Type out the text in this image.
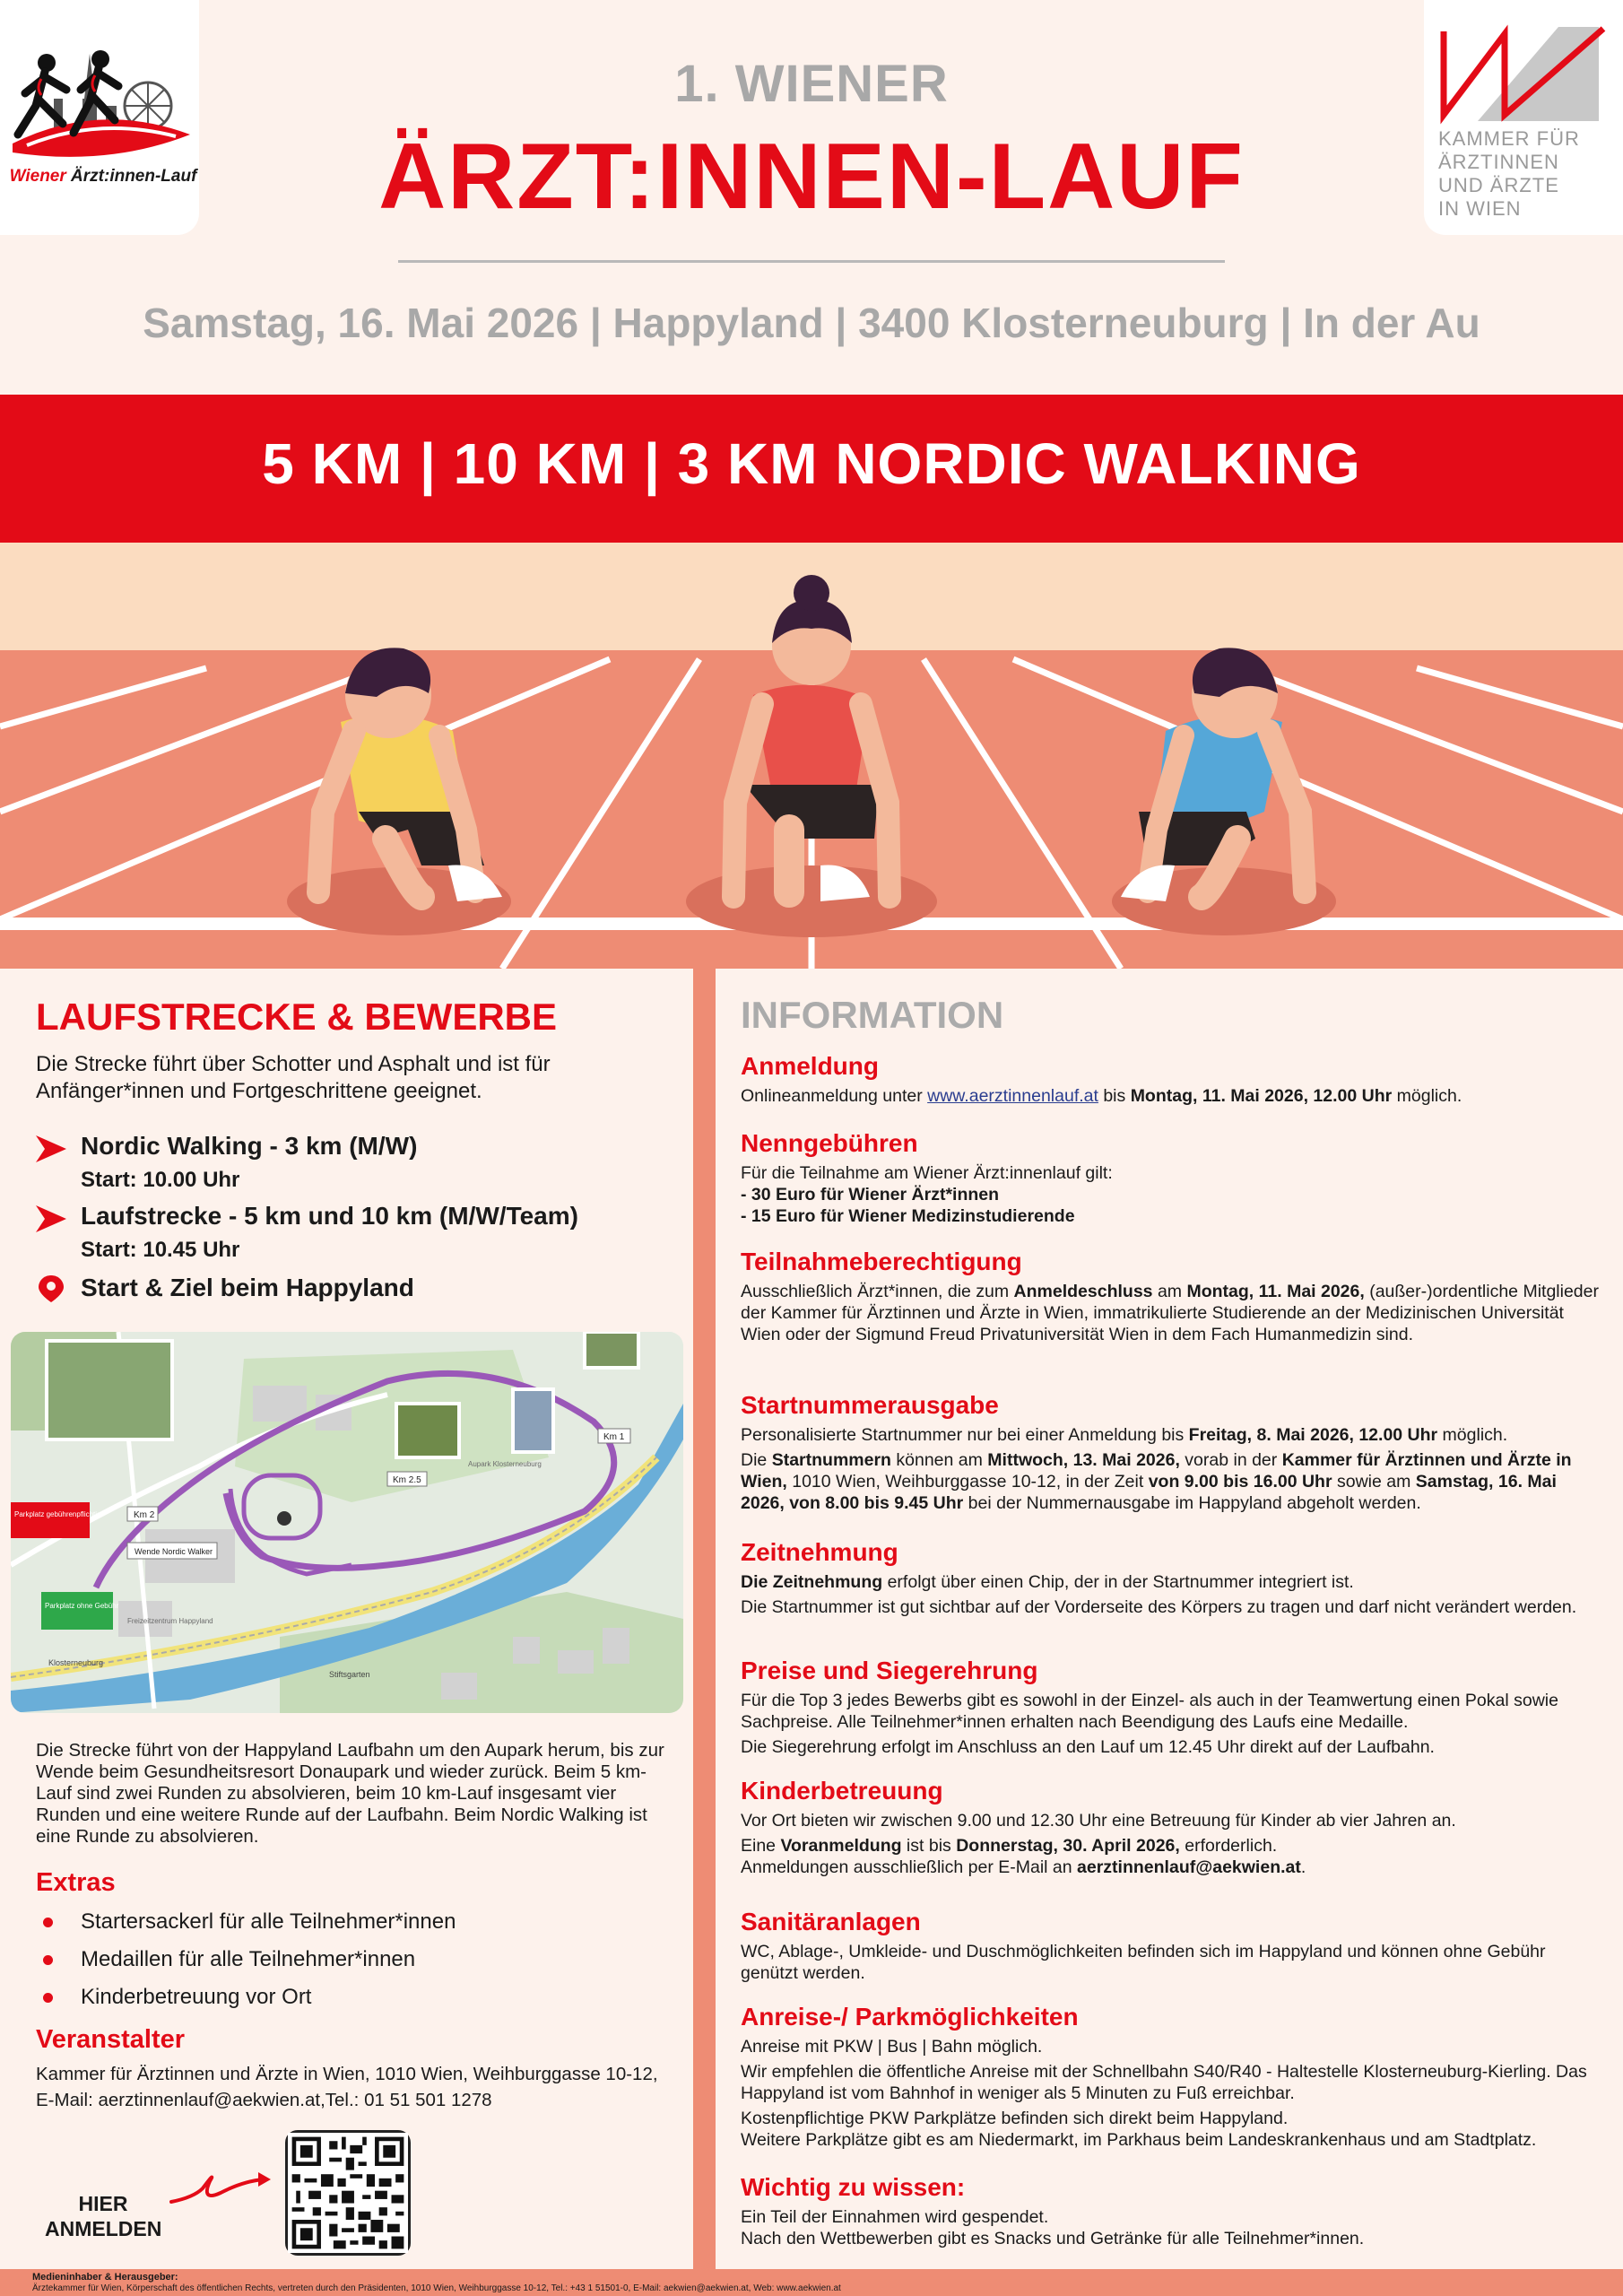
Wiener Ärzt:innen-Lauf
KAMMER FÜR
ÄRZTINNEN
UND ÄRZTE
IN WIEN
1. WIENER
ÄRZT:INNEN-LAUF
Samstag, 16. Mai 2026 | Happyland | 3400 Klosterneuburg | In der Au
5 KM | 10 KM | 3 KM NORDIC WALKING
LAUFSTRECKE & BEWERBE
Die Strecke führt über Schotter und Asphalt und ist für Anfänger*innen und Fortgeschrittene geeignet.
Nordic Walking - 3 km (M/W)
Start: 10.00 Uhr
Laufstrecke - 5 km und 10 km (M/W/Team)
Start: 10.45 Uhr
Start & Ziel beim Happyland
Km 2
Km 2.5
Km 1
Wende Nordic Walker
Parkplatz gebührenpflichtig
Parkplatz ohne Gebühr
Aupark Klosterneuburg
Freizeitzentrum Happyland
Klosterneuburg
Stiftsgarten
Die Strecke führt von der Happyland Laufbahn um den Aupark herum, bis zur Wende beim Gesundheitsresort Donaupark und wieder zurück. Beim 5 km-Lauf sind zwei Runden zu absolvieren, beim 10 km-Lauf insgesamt vier Runden und eine weitere Runde auf der Laufbahn. Beim Nordic Walking ist eine Runde zu absolvieren.
Extras
Startersackerl für alle Teilnehmer*innen
Medaillen für alle Teilnehmer*innen
Kinderbetreuung vor Ort
Veranstalter
Kammer für Ärztinnen und Ärzte in Wien, 1010 Wien, Weihburggasse 10-12, E-Mail: aerztinnenlauf@aekwien.at,Tel.: 01 51 501 1278
HIER ANMELDEN
INFORMATION
Anmeldung

Onlineanmeldung unter www.aerztinnenlauf.at bis Montag, 11. Mai 2026, 12.00 Uhr möglich.

Nenngebühren

Für die Teilnahme am Wiener Ärzt:innenlauf gilt:

- 30 Euro für Wiener Ärzt*innen

- 15 Euro für Wiener Medizinstudierende

Teilnahmeberechtigung

Ausschließlich Ärzt*innen, die zum Anmeldeschluss am Montag, 11. Mai 2026, (außer-)ordentliche Mitglieder der Kammer für Ärztinnen und Ärzte in Wien, immatrikulierte Studierende an der Medizinischen Universität Wien oder der Sigmund Freud Privatuniversität Wien in dem Fach Humanmedizin sind.

Startnummerausgabe

Personalisierte Startnummer nur bei einer Anmeldung bis Freitag, 8. Mai 2026, 12.00 Uhr möglich.

Die Startnummern können am Mittwoch, 13. Mai 2026, vorab in der Kammer für Ärztinnen und Ärzte in Wien, 1010 Wien, Weihburggasse 10-12, in der Zeit von 9.00 bis 16.00 Uhr sowie am Samstag, 16. Mai 2026, von 8.00 bis 9.45 Uhr bei der Nummernausgabe im Happyland abgeholt werden.

Zeitnehmung

Die Zeitnehmung erfolgt über einen Chip, der in der Startnummer integriert ist.

Die Startnummer ist gut sichtbar auf der Vorderseite des Körpers zu tragen und darf nicht verändert werden.

Preise und Siegerehrung

Für die Top 3 jedes Bewerbs gibt es sowohl in der Einzel- als auch in der Teamwertung einen Pokal sowie Sachpreise. Alle Teilnehmer*innen erhalten nach Beendigung des Laufs eine Medaille.

Die Siegerehrung erfolgt im Anschluss an den Lauf um 12.45 Uhr direkt auf der Laufbahn.

Kinderbetreuung

Vor Ort bieten wir zwischen 9.00 und 12.30 Uhr eine Betreuung für Kinder ab vier Jahren an.

Eine Voranmeldung ist bis Donnerstag, 30. April 2026, erforderlich.

Anmeldungen ausschließlich per E-Mail an aerztinnenlauf@aekwien.at.

Sanitäranlagen

WC, Ablage-, Umkleide- und Duschmöglichkeiten befinden sich im Happyland und können ohne Gebühr genützt werden.

Anreise-/ Parkmöglichkeiten

Anreise mit PKW | Bus | Bahn möglich.

Wir empfehlen die öffentliche Anreise mit der Schnellbahn S40/R40 - Haltestelle Klosterneuburg-Kierling. Das Happyland ist vom Bahnhof in weniger als 5 Minuten zu Fuß erreichbar.

Kostenpflichtige PKW Parkplätze befinden sich direkt beim Happyland.

Weitere Parkplätze gibt es am Niedermarkt, im Parkhaus beim Landeskrankenhaus und am Stadtplatz.

Wichtig zu wissen:

Ein Teil der Einnahmen wird gespendet.

Nach den Wettbewerben gibt es Snacks und Getränke für alle Teilnehmer*innen.

Medieninhaber & Herausgeber:
Ärztekammer für Wien, Körperschaft des öffentlichen Rechts, vertreten durch den Präsidenten, 1010 Wien, Weihburggasse 10-12, Tel.: +43 1 51501-0, E-Mail: aekwien@aekwien.at, Web: www.aekwien.at
